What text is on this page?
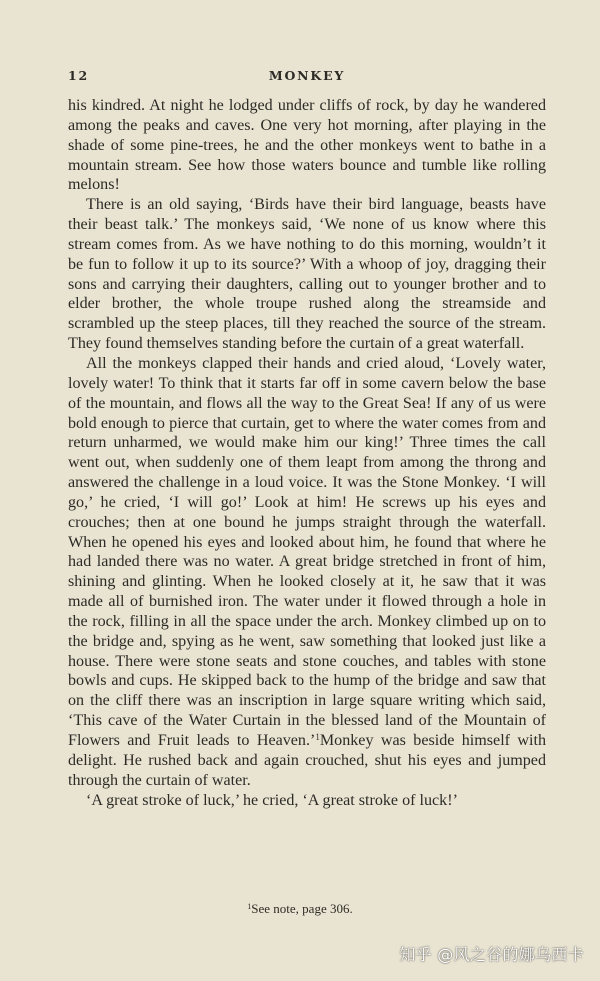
12	MONKEY

his kindred. At night he lodged under cliffs of rock, by day he wandered among the peaks and caves. One very hot morning, after playing in the shade of some pine-trees, he and the other monkeys went to bathe in a mountain stream. See how those waters bounce and tumble like rolling melons!

There is an old saying, ‘Birds have their bird language, beasts have their beast talk.’ The monkeys said, ‘We none of us know where this stream comes from. As we have nothing to do this morning, wouldn’t it be fun to follow it up to its source?’ With a whoop of joy, dragging their sons and carrying their daughters, calling out to younger brother and to elder brother, the whole troupe rushed along the streamside and scrambled up the steep places, till they reached the source of the stream. They found themselves standing before the curtain of a great waterfall.

All the monkeys clapped their hands and cried aloud, ‘Lovely water, lovely water! To think that it starts far off in some cavern below the base of the mountain, and flows all the way to the Great Sea! If any of us were bold enough to pierce that curtain, get to where the water comes from and return unharmed, we would make him our king!’ Three times the call went out, when suddenly one of them leapt from among the throng and answered the challenge in a loud voice. It was the Stone Monkey. ‘I will go,’ he cried, ‘I will go!’ Look at him! He screws up his eyes and crouches; then at one bound he jumps straight through the waterfall. When he opened his eyes and looked about him, he found that where he had landed there was no water. A great bridge stretched in front of him, shining and glinting. When he looked closely at it, he saw that it was made all of burnished iron. The water under it flowed through a hole in the rock, filling in all the space under the arch. Monkey climbed up on to the bridge and, spying as he went, saw something that looked just like a house. There were stone seats and stone couches, and tables with stone bowls and cups. He skipped back to the hump of the bridge and saw that on the cliff there was an inscription in large square writing which said, ‘This cave of the Water Curtain in the blessed land of the Mountain of Flowers and Fruit leads to Heaven.’$^1$Monkey was beside himself with delight. He rushed back and again crouched, shut his eyes and jumped through the curtain of water.

‘A great stroke of luck,’ he cried, ‘A great stroke of luck!’

$^1$See note, page 306.
知乎 @风之谷的娜乌西卡
